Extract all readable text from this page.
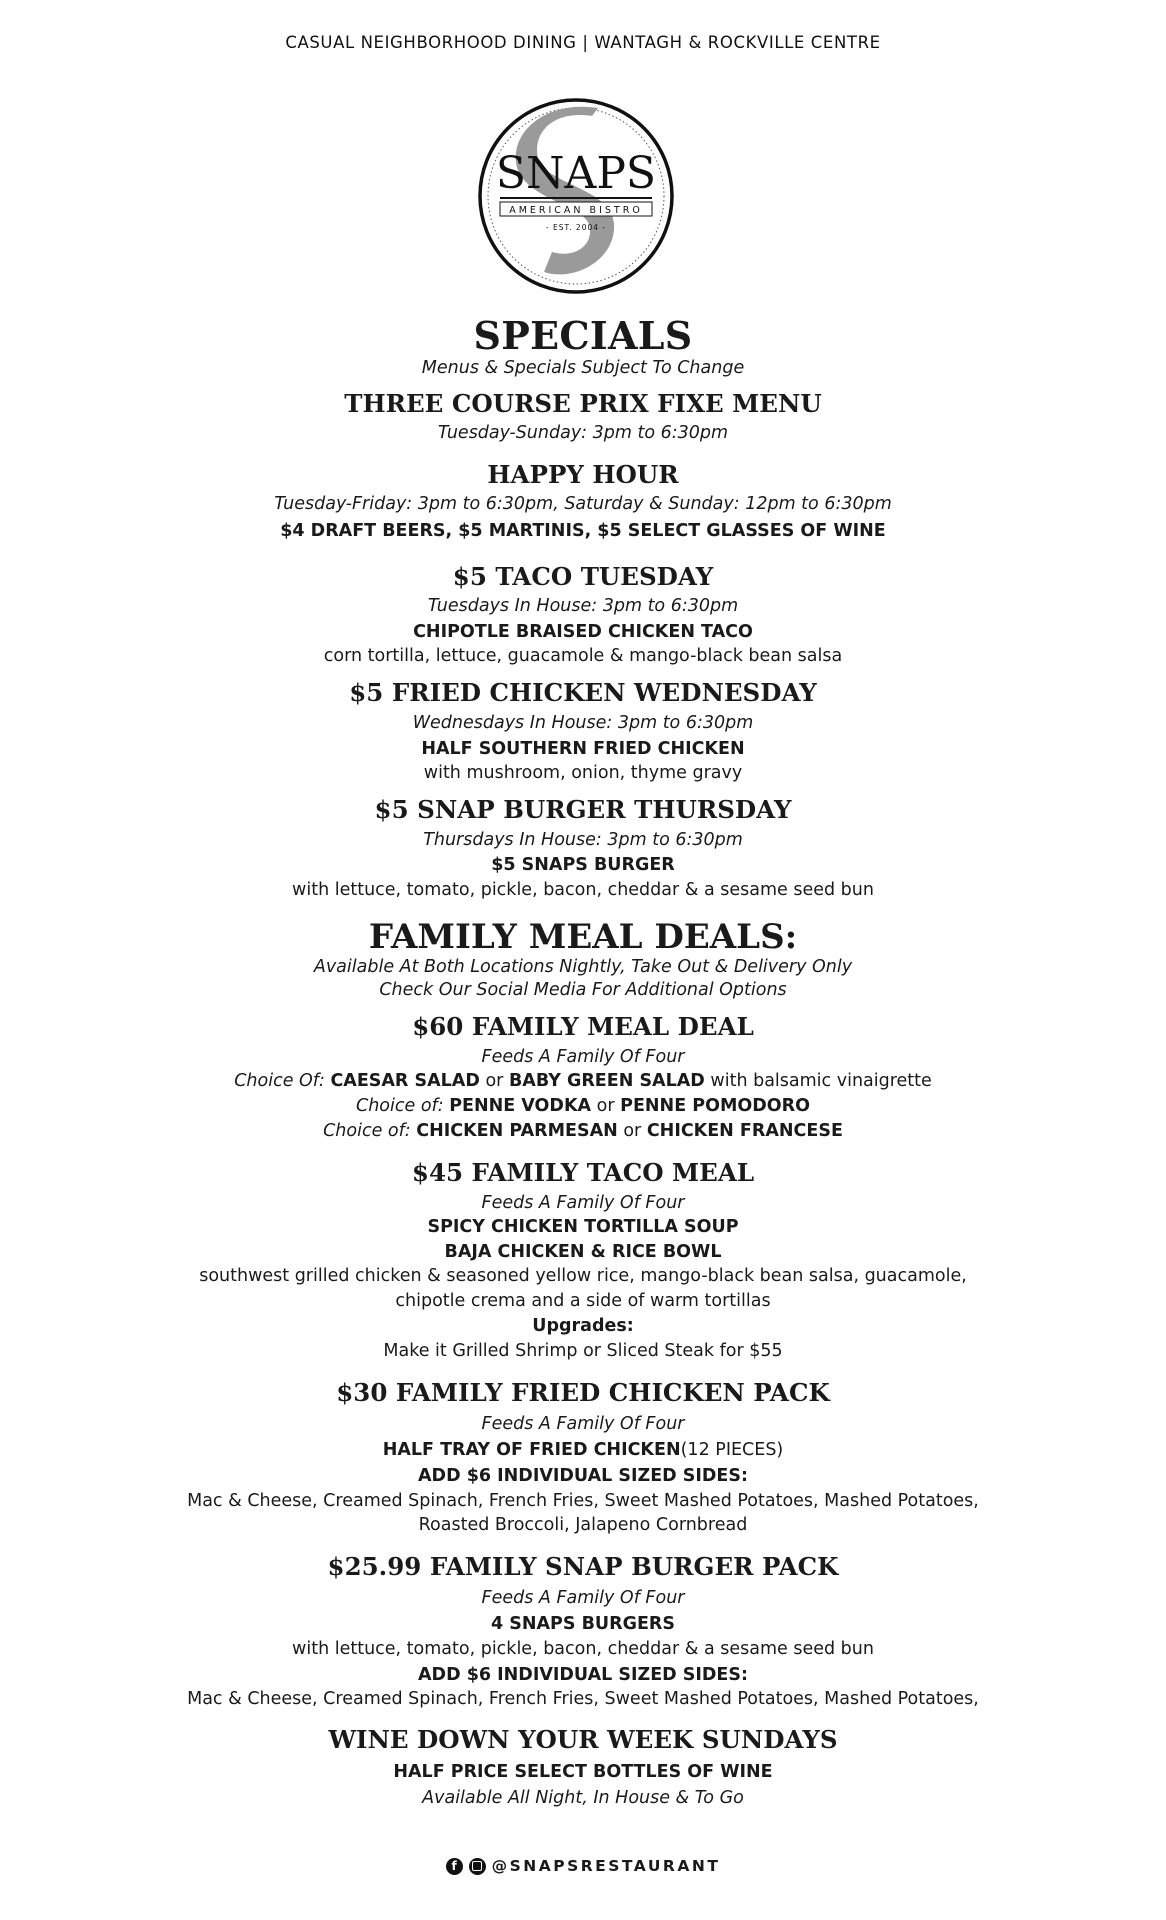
CASUAL NEIGHBORHOOD DINING | WANTAGH & ROCKVILLE CENTRE
SNAPS
AMERICAN BISTRO
- EST. 2004 -
SPECIALS
Menus & Specials Subject To Change
THREE COURSE PRIX FIXE MENU
Tuesday-Sunday: 3pm to 6:30pm
HAPPY HOUR
Tuesday-Friday: 3pm to 6:30pm, Saturday & Sunday: 12pm to 6:30pm
$4 DRAFT BEERS, $5 MARTINIS, $5 SELECT GLASSES OF WINE
$5 TACO TUESDAY
Tuesdays In House: 3pm to 6:30pm
CHIPOTLE BRAISED CHICKEN TACO
corn tortilla, lettuce, guacamole & mango-black bean salsa
$5 FRIED CHICKEN WEDNESDAY
Wednesdays In House: 3pm to 6:30pm
HALF SOUTHERN FRIED CHICKEN
with mushroom, onion, thyme gravy
$5 SNAP BURGER THURSDAY
Thursdays In House: 3pm to 6:30pm
$5 SNAPS BURGER
with lettuce, tomato, pickle, bacon, cheddar & a sesame seed bun
FAMILY MEAL DEALS:
Available At Both Locations Nightly, Take Out & Delivery Only
Check Our Social Media For Additional Options
$60 FAMILY MEAL DEAL
Feeds A Family Of Four
Choice Of: CAESAR SALAD or BABY GREEN SALAD with balsamic vinaigrette
Choice of: PENNE VODKA or PENNE POMODORO
Choice of: CHICKEN PARMESAN or CHICKEN FRANCESE
$45 FAMILY TACO MEAL
Feeds A Family Of Four
SPICY CHICKEN TORTILLA SOUP
BAJA CHICKEN & RICE BOWL
southwest grilled chicken & seasoned yellow rice, mango-black bean salsa, guacamole,
chipotle crema and a side of warm tortillas
Upgrades:
Make it Grilled Shrimp or Sliced Steak for $55
$30 FAMILY FRIED CHICKEN PACK
Feeds A Family Of Four
HALF TRAY OF FRIED CHICKEN(12 PIECES)
ADD $6 INDIVIDUAL SIZED SIDES:
Mac & Cheese, Creamed Spinach, French Fries, Sweet Mashed Potatoes, Mashed Potatoes,
Roasted Broccoli, Jalapeno Cornbread
$25.99 FAMILY SNAP BURGER PACK
Feeds A Family Of Four
4 SNAPS BURGERS
with lettuce, tomato, pickle, bacon, cheddar & a sesame seed bun
ADD $6 INDIVIDUAL SIZED SIDES:
Mac & Cheese, Creamed Spinach, French Fries, Sweet Mashed Potatoes, Mashed Potatoes,
WINE DOWN YOUR WEEK SUNDAYS
HALF PRICE SELECT BOTTLES OF WINE
Available All Night, In House & To Go
f	@SNAPSRESTAURANT
